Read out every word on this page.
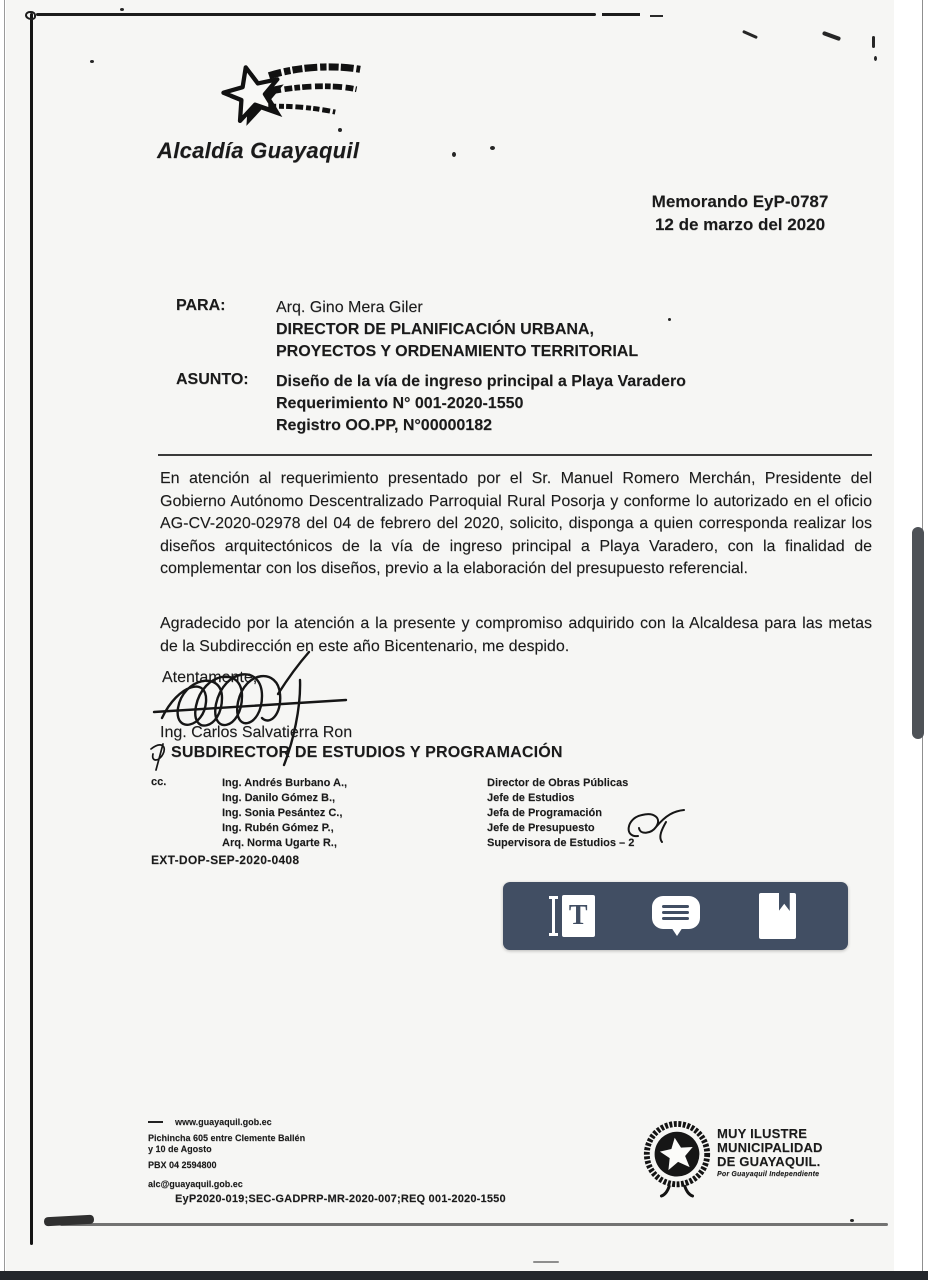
Alcaldía Guayaquil
Memorando EyP-0787
12 de marzo del 2020
PARA:	Arq. Gino Mera Giler
DIRECTOR DE PLANIFICACIÓN URBANA,
PROYECTOS Y ORDENAMIENTO TERRITORIAL
ASUNTO: Diseño de la vía de ingreso principal a Playa Varadero
Requerimiento N° 001-2020-1550
Registro OO.PP, N°00000182
En atención al requerimiento presentado por el Sr. Manuel Romero Merchán, Presidente del Gobierno Autónomo Descentralizado Parroquial Rural Posorja y conforme lo autorizado en el oficio AG-CV-2020-02978 del 04 de febrero del 2020, solicito, disponga a quien corresponda realizar los diseños arquitectónicos de la vía de ingreso principal a Playa Varadero, con la finalidad de complementar con los diseños, previo a la elaboración del presupuesto referencial.
Agradecido por la atención a la presente y compromiso adquirido con la Alcaldesa para las metas de la Subdirección en este año Bicentenario, me despido.
Atentamente,
Ing. Carlos Salvatierra Ron
SUBDIRECTOR DE ESTUDIOS Y PROGRAMACIÓN
cc.	Ing. Andrés Burbano A.,
Ing. Danilo Gómez B.,
Ing. Sonia Pesántez C.,
Ing. Rubén Gómez P.,
Arq. Norma Ugarte R.,
Director de Obras Públicas
Jefe de Estudios
Jefa de Programación
Jefe de Presupuesto
Supervisora de Estudios – 2
EXT-DOP-SEP-2020-0408
T
www.guayaquil.gob.ec
Pichincha 605 entre Clemente Ballén
y 10 de Agosto
PBX 04 2594800
alc@guayaquil.gob.ec
EyP2020-019;SEC-GADPRP-MR-2020-007;REQ 001-2020-1550
MUY ILUSTRE
MUNICIPALIDAD
DE GUAYAQUIL.
Por Guayaquil Independiente
